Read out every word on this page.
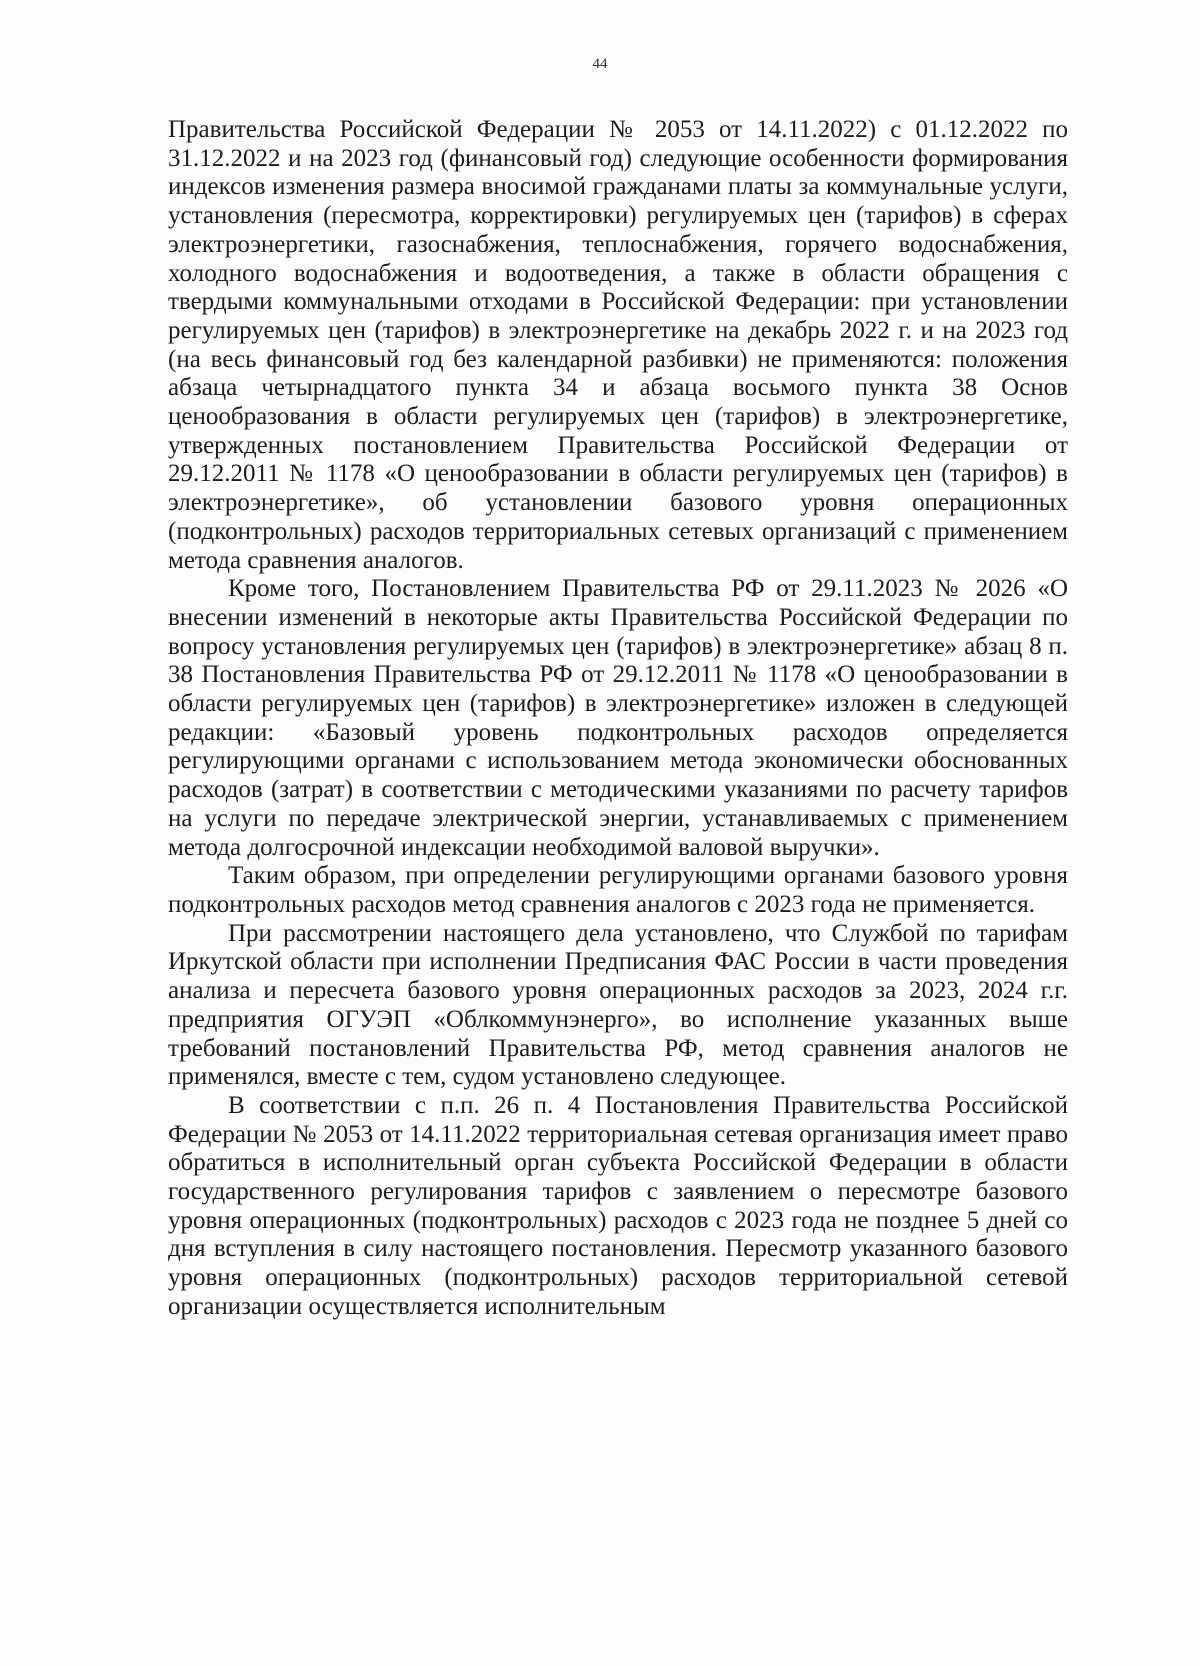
44

Правительства Российской Федерации № 2053 от 14.11.2022) с 01.12.2022 по 31.12.2022 и на 2023 год (финансовый год) следующие особенности формирования индексов изменения размера вносимой гражданами платы за коммунальные услуги, установления (пересмотра, корректировки) регулируемых цен (тарифов) в сферах электроэнергетики, газоснабжения, теплоснабжения, горячего водоснабжения, холодного водоснабжения и водоотведения, а также в области обращения с твердыми коммунальными отходами в Российской Федерации: при установлении регулируемых цен (тарифов) в электроэнергетике на декабрь 2022 г. и на 2023 год (на весь финансовый год без календарной разбивки) не применяются: положения абзаца четырнадцатого пункта 34 и абзаца восьмого пункта 38 Основ ценообразования в области регулируемых цен (тарифов) в электроэнергетике, утвержденных постановлением Правительства Российской Федерации от 29.12.2011 № 1178 «О ценообразовании в области регулируемых цен (тарифов) в электроэнергетике», об установлении базового уровня операционных (подконтрольных) расходов территориальных сетевых организаций с применением метода сравнения аналогов.

Кроме того, Постановлением Правительства РФ от 29.11.2023 № 2026 «О внесении изменений в некоторые акты Правительства Российской Федерации по вопросу установления регулируемых цен (тарифов) в электроэнергетике» абзац 8 п. 38 Постановления Правительства РФ от 29.12.2011 № 1178 «О ценообразовании в области регулируемых цен (тарифов) в электроэнергетике» изложен в следующей редакции: «Базовый уровень подконтрольных расходов определяется регулирующими органами с использованием метода экономически обоснованных расходов (затрат) в соответствии с методическими указаниями по расчету тарифов на услуги по передаче электрической энергии, устанавливаемых с применением метода долгосрочной индексации необходимой валовой выручки».

Таким образом, при определении регулирующими органами базового уровня подконтрольных расходов метод сравнения аналогов с 2023 года не применяется.

При рассмотрении настоящего дела установлено, что Службой по тарифам Иркутской области при исполнении Предписания ФАС России в части проведения анализа и пересчета базового уровня операционных расходов за 2023, 2024 г.г. предприятия ОГУЭП «Облкоммунэнерго», во исполнение указанных выше требований постановлений Правительства РФ, метод сравнения аналогов не применялся, вместе с тем, судом установлено следующее.

В соответствии с п.п. 26 п. 4 Постановления Правительства Российской Федерации № 2053 от 14.11.2022 территориальная сетевая организация имеет право обратиться в исполнительный орган субъекта Российской Федерации в области государственного регулирования тарифов с заявлением о пересмотре базового уровня операционных (подконтрольных) расходов с 2023 года не позднее 5 дней со дня вступления в силу настоящего постановления. Пересмотр указанного базового уровня операционных (подконтрольных) расходов территориальной сетевой организации осуществляется исполнительным
